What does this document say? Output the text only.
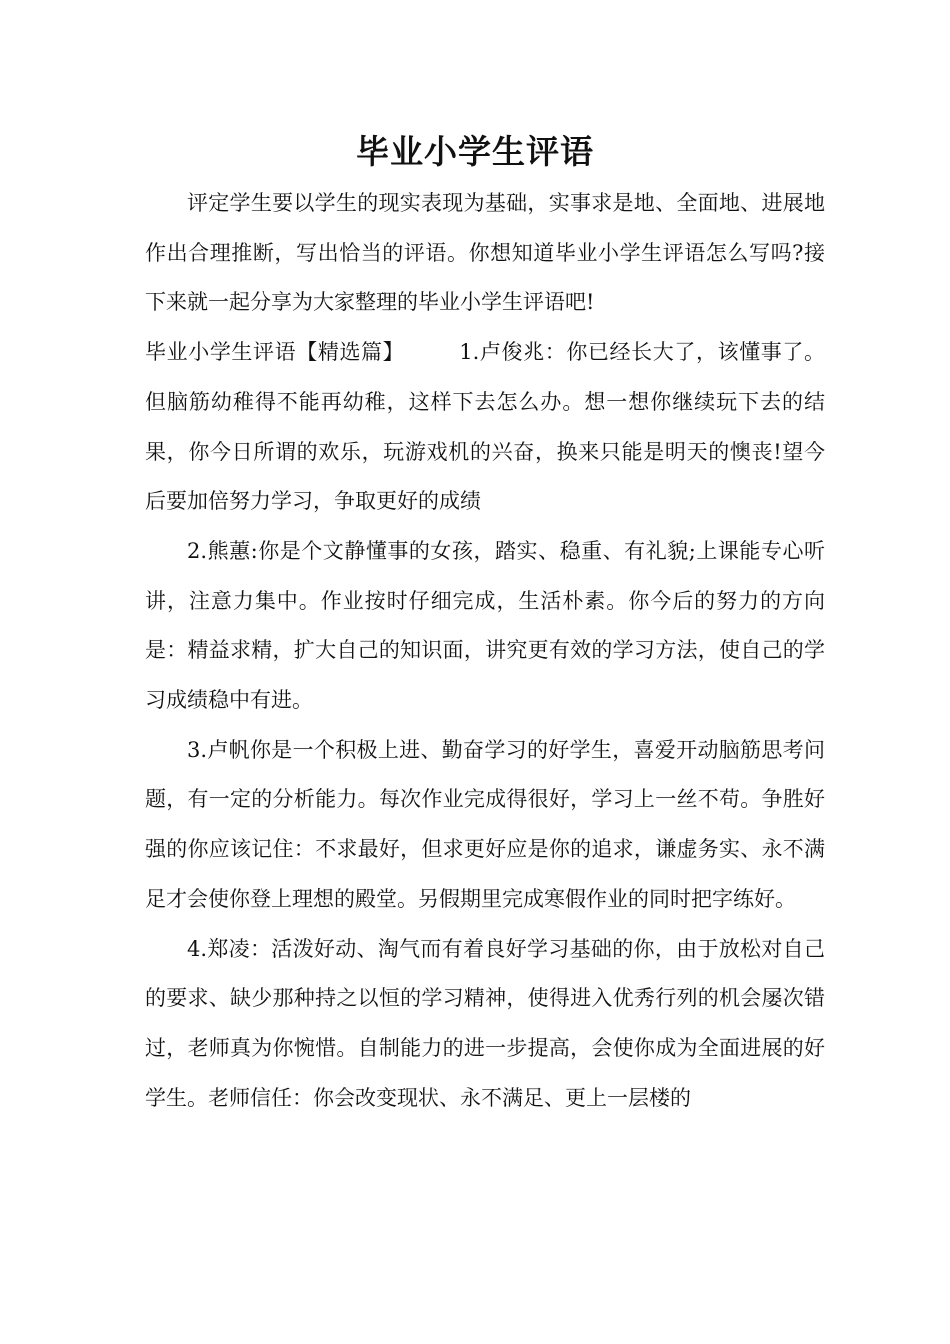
毕业小学生评语

评定学生要以学生的现实表现为基础，实事求是地、全面地、进展地作出合理推断，写出恰当的评语。你想知道毕业小学生评语怎么写吗?接下来就一起分享为大家整理的毕业小学生评语吧!

毕业小学生评语【精选篇】	1.卢俊兆：你已经长大了，该懂事了。但脑筋幼稚得不能再幼稚，这样下去怎么办。想一想你继续玩下去的结果，你今日所谓的欢乐，玩游戏机的兴奋，换来只能是明天的懊丧!望今后要加倍努力学习，争取更好的成绩

2.熊蕙:你是个文静懂事的女孩，踏实、稳重、有礼貌;上课能专心听讲，注意力集中。作业按时仔细完成，生活朴素。你今后的努力的方向是：精益求精，扩大自己的知识面，讲究更有效的学习方法，使自己的学习成绩稳中有进。

3.卢帆你是一个积极上进、勤奋学习的好学生，喜爱开动脑筋思考问题，有一定的分析能力。每次作业完成得很好，学习上一丝不苟。争胜好强的你应该记住：不求最好，但求更好应是你的追求，谦虚务实、永不满足才会使你登上理想的殿堂。另假期里完成寒假作业的同时把字练好。

4.郑凌：活泼好动、淘气而有着良好学习基础的你，由于放松对自己的要求、缺少那种持之以恒的学习精神，使得进入优秀行列的机会屡次错过，老师真为你惋惜。自制能力的进一步提高，会使你成为全面进展的好学生。老师信任：你会改变现状、永不满足、更上一层楼的
